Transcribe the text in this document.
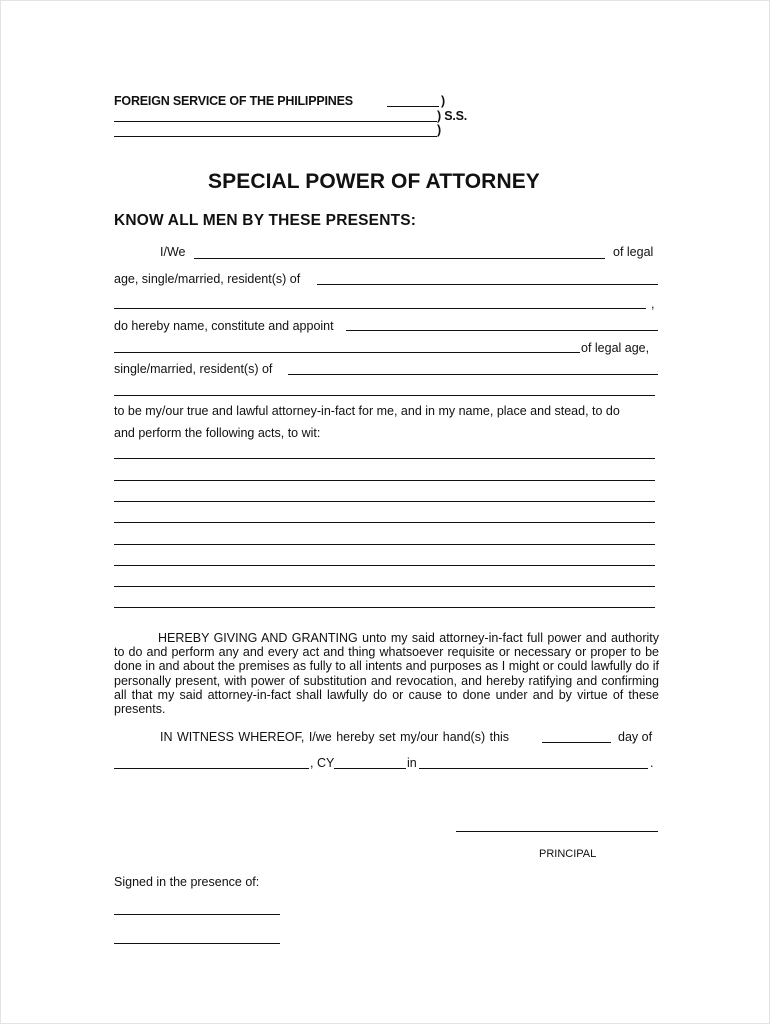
FOREIGN SERVICE OF THE PHILIPPINES	)
) S.S.
)
SPECIAL POWER OF ATTORNEY
KNOW ALL MEN BY THESE PRESENTS:
I/We	of legal
age, single/married, resident(s) of
,
do hereby name, constitute and appoint
of legal age,
single/married, resident(s) of
to be my/our true and lawful attorney-in-fact for me, and in my name, place and stead, to do
and perform the following acts, to wit:
HEREBY GIVING AND GRANTING unto my said attorney-in-fact full power and authority to do and perform any and every act and thing whatsoever requisite or necessary or proper to be done in and about the premises as fully to all intents and purposes as I might or could lawfully do if personally present, with power of substitution and revocation, and hereby ratifying and confirming all that my said attorney-in-fact shall lawfully do or cause to done under and by virtue of these presents.
IN WITNESS WHEREOF, I/we hereby set my/our hand(s) this	day of
, CY	in	.
PRINCIPAL
Signed in the presence of:
